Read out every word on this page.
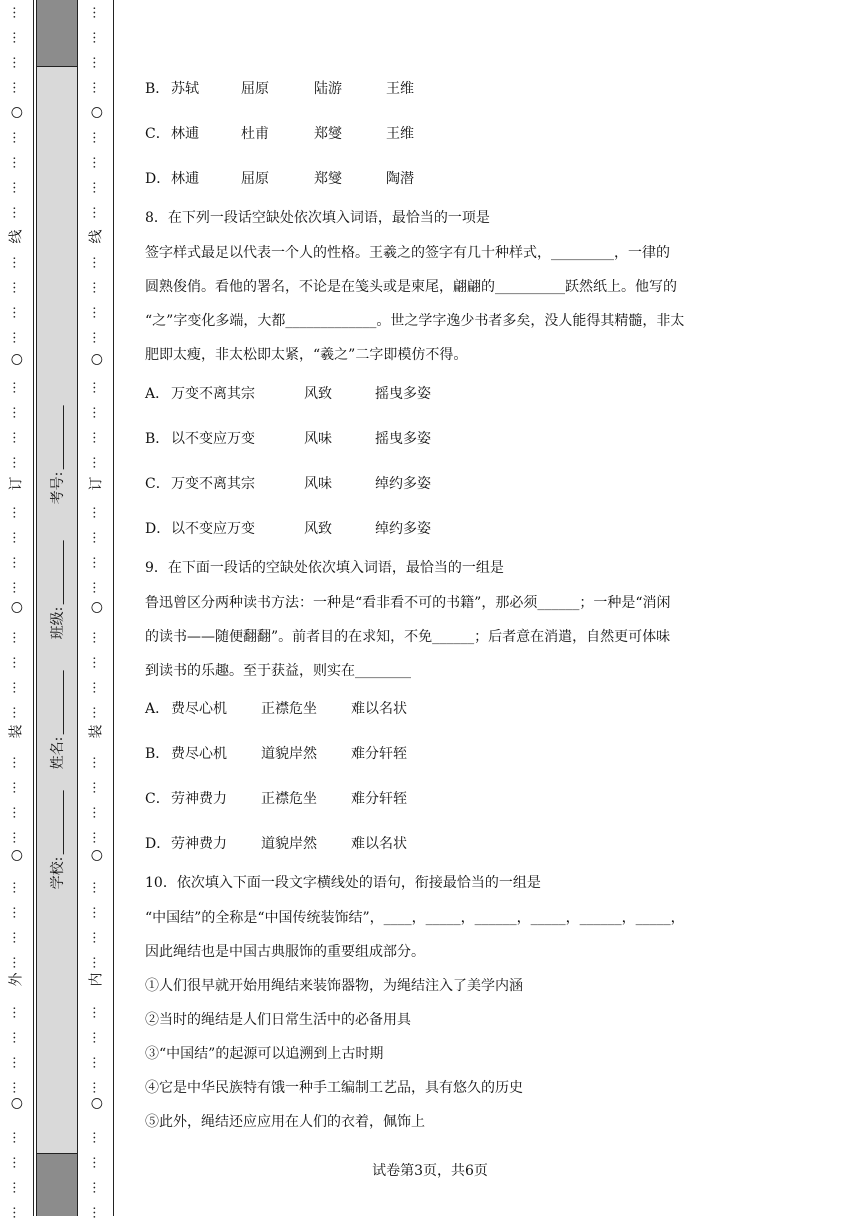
…
…
…
…
…
…
…
…
…
…
…
…
…
…
…
…
…
…
…
…
…
…
…
…
…
…
…
…
…
…
…
…
…
…
…
…
…
…
…
…
○
○
○
○
○
线
订
装
外
学校:
姓名:
班级:
考号:
…
…
…
…
…
…
…
…
…
…
…
…
…
…
…
…
…
…
…
…
…
…
…
…
…
…
…
…
…
…
…
…
…
…
…
…
…
…
…
…
○
○
○
○
○
线
订
装
内
B． 苏轼	屈原	陆游	王维
C．林逋	杜甫	郑燮	王维
D．林逋	屈原	郑燮	陶潜
8．在下列一段话空缺处依次填入词语，最恰当的一项是
签字样式最足以代表一个人的性格。王羲之的签字有几十种样式，_________，一律的
圆熟俊俏。看他的署名，不论是在笺头或是柬尾，翩翩的__________跃然纸上。他写的
“之”字变化多端，大都_____________。世之学字逸少书者多矣，没人能得其精髓，非太
肥即太瘦，非太松即太紧，“羲之”二字即模仿不得。
A． 万变不离其宗	风致	摇曳多姿
B． 以不变应万变	风味	摇曳多姿
C．万变不离其宗	风味	绰约多姿
D．以不变应万变	风致	绰约多姿
9．在下面一段话的空缺处依次填入词语，最恰当的一组是
鲁迅曾区分两种读书方法：一种是“看非看不可的书籍”，那必须______；一种是“消闲
的读书——随便翻翻”。前者目的在求知，不免______；后者意在消遣，自然更可体味
到读书的乐趣。至于获益，则实在________
A． 费尽心机 正襟危坐 难以名状
B． 费尽心机 道貌岸然 难分轩轾
C．劳神费力 正襟危坐 难分轩轾
D．劳神费力 道貌岸然 难以名状
10．依次填入下面一段文字横线处的语句，衔接最恰当的一组是
“中国结”的全称是“中国传统装饰结”，____，_____，______，_____，______，_____，
因此绳结也是中国古典服饰的重要组成部分。
①人们很早就开始用绳结来装饰器物，为绳结注入了美学内涵
②当时的绳结是人们日常生活中的必备用具
③“中国结”的起源可以追溯到上古时期
④它是中华民族特有饿一种手工编制工艺品，具有悠久的历史
⑤此外，绳结还应应用在人们的衣着，佩饰上
试卷第3页，共6页
